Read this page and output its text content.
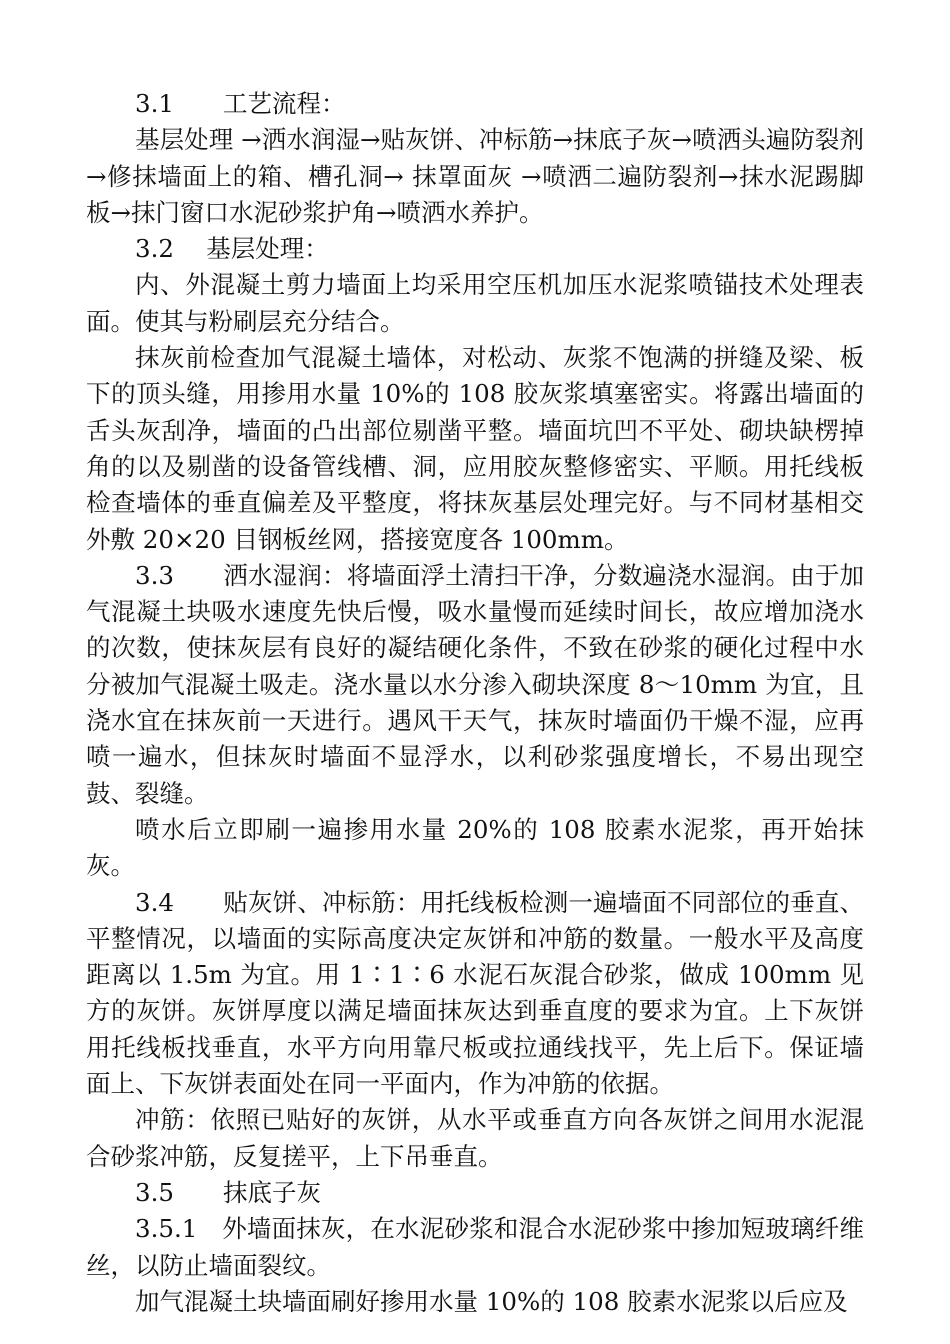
3.1　　工艺流程：

基层处理 →洒水润湿→贴灰饼、冲标筋→抹底子灰→喷洒头遍防裂剂 →修抹墙面上的箱、槽孔洞→ 抹罩面灰 →喷洒二遍防裂剂→抹水泥踢脚板→抹门窗口水泥砂浆护角→喷洒水养护。

3.2　 基层处理：

内、外混凝土剪力墙面上均采用空压机加压水泥浆喷锚技术处理表面。使其与粉刷层充分结合。

抹灰前检查加气混凝土墙体，对松动、灰浆不饱满的拼缝及梁、板下的顶头缝，用掺用水量 10%的 108 胶灰浆填塞密实。将露出墙面的舌头灰刮净，墙面的凸出部位剔凿平整。墙面坑凹不平处、砌块缺楞掉角的以及剔凿的设备管线槽、洞，应用胶灰整修密实、平顺。用托线板检查墙体的垂直偏差及平整度，将抹灰基层处理完好。与不同材基相交外敷 20×20 目钢板丝网，搭接宽度各 100mm。

3.3　　洒水湿润：将墙面浮土清扫干净，分数遍浇水湿润。由于加气混凝土块吸水速度先快后慢，吸水量慢而延续时间长，故应增加浇水的次数，使抹灰层有良好的凝结硬化条件，不致在砂浆的硬化过程中水分被加气混凝土吸走。浇水量以水分渗入砌块深度 8～10mm 为宜，且浇水宜在抹灰前一天进行。遇风干天气，抹灰时墙面仍干燥不湿，应再喷一遍水，但抹灰时墙面不显浮水，以利砂浆强度增长，不易出现空鼓、裂缝。

喷水后立即刷一遍掺用水量 20%的 108 胶素水泥浆，再开始抹灰。

3.4　　贴灰饼、冲标筋：用托线板检测一遍墙面不同部位的垂直、平整情况，以墙面的实际高度决定灰饼和冲筋的数量。一般水平及高度距离以 1.5m 为宜。用 1∶1∶6 水泥石灰混合砂浆，做成 100mm 见方的灰饼。灰饼厚度以满足墙面抹灰达到垂直度的要求为宜。上下灰饼用托线板找垂直，水平方向用靠尺板或拉通线找平，先上后下。保证墙面上、下灰饼表面处在同一平面内，作为冲筋的依据。

冲筋：依照已贴好的灰饼，从水平或垂直方向各灰饼之间用水泥混合砂浆冲筋，反复搓平，上下吊垂直。

3.5　　抹底子灰

3.5.1　外墙面抹灰，在水泥砂浆和混合水泥砂浆中掺加短玻璃纤维丝，以防止墙面裂纹。

加气混凝土块墙面刷好掺用水量 10%的 108 胶素水泥浆以后应及
